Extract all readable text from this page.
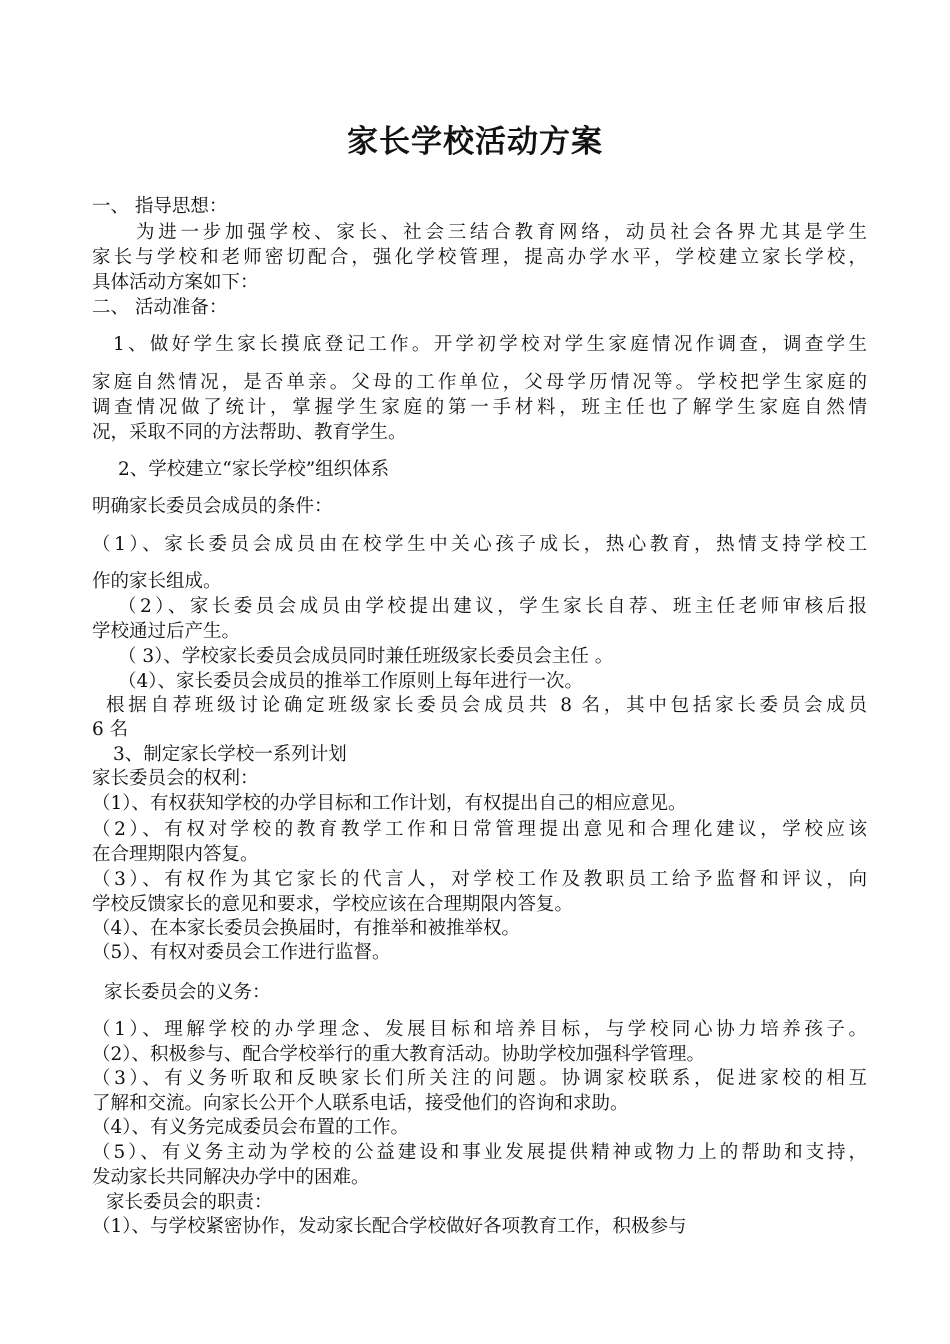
家长学校活动方案
一、 指导思想：
为进一步加强学校、家长、社会三结合教育网络，动员社会各界尤其是学生
家长与学校和老师密切配合，强化学校管理，提高办学水平，学校建立家长学校，
具体活动方案如下：
二、 活动准备：
1、做好学生家长摸底登记工作。开学初学校对学生家庭情况作调查，调查学生
家庭自然情况，是否单亲。父母的工作单位，父母学历情况等。学校把学生家庭的
调查情况做了统计，掌握学生家庭的第一手材料，班主任也了解学生家庭自然情
况，采取不同的方法帮助、教育学生。
2、学校建立“家长学校”组织体系
明确家长委员会成员的条件：
（1）、家长委员会成员由在校学生中关心孩子成长，热心教育，热情支持学校工
作的家长组成。
（2）、家长委员会成员由学校提出建议，学生家长自荐、班主任老师审核后报
学校通过后产生。
（ 3）、学校家长委员会成员同时兼任班级家长委员会主任 。
（4）、家长委员会成员的推举工作原则上每年进行一次。
根据自荐班级讨论确定班级家长委员会成员共 8 名，其中包括家长委员会成员
6 名
3、制定家长学校一系列计划
家长委员会的权利：
（1）、有权获知学校的办学目标和工作计划，有权提出自己的相应意见。
（2）、有权对学校的教育教学工作和日常管理提出意见和合理化建议，学校应该
在合理期限内答复。
（3）、有权作为其它家长的代言人，对学校工作及教职员工给予监督和评议，向
学校反馈家长的意见和要求，学校应该在合理期限内答复。
（4）、在本家长委员会换届时，有推举和被推举权。
（5）、有权对委员会工作进行监督。
家长委员会的义务：
（1）、理解学校的办学理念、发展目标和培养目标，与学校同心协力培养孩子。
（2）、积极参与、配合学校举行的重大教育活动。协助学校加强科学管理。
（3）、有义务听取和反映家长们所关注的问题。协调家校联系，促进家校的相互
了解和交流。向家长公开个人联系电话，接受他们的咨询和求助。
（4）、有义务完成委员会布置的工作。
（5）、有义务主动为学校的公益建设和事业发展提供精神或物力上的帮助和支持，
发动家长共同解决办学中的困难。
家长委员会的职责：
（1）、与学校紧密协作，发动家长配合学校做好各项教育工作，积极参与
